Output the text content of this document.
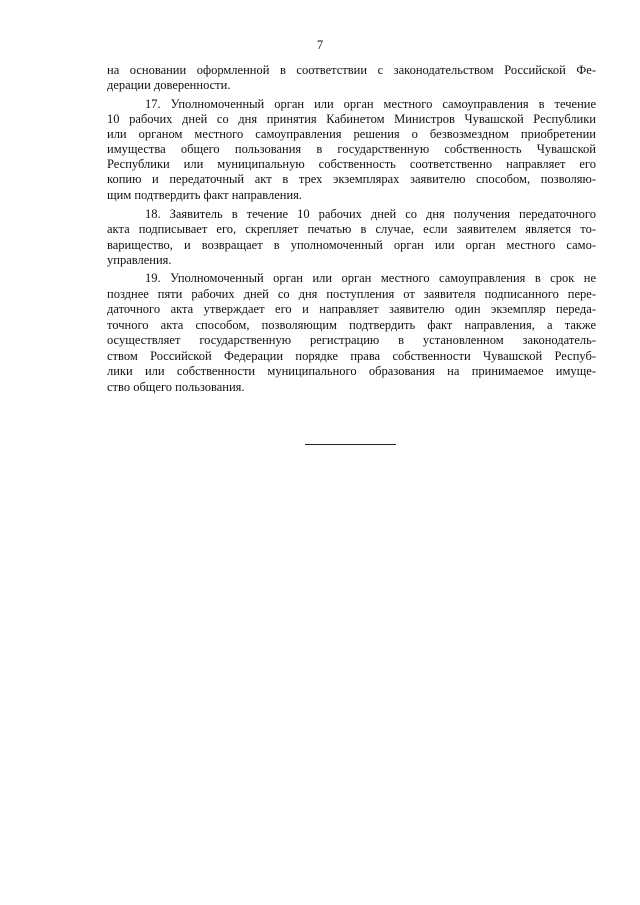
7
на основании оформленной в соответствии с законодательством Российской Фе-
дерации доверенности.
17. Уполномоченный орган или орган местного самоуправления в течение
10 рабочих дней со дня принятия Кабинетом Министров Чувашской Республики
или органом местного самоуправления решения о безвозмездном приобретении
имущества общего пользования в государственную собственность Чувашской
Республики или муниципальную собственность соответственно направляет его
копию и передаточный акт в трех экземплярах заявителю способом, позволяю-
щим подтвердить факт направления.
18. Заявитель в течение 10 рабочих дней со дня получения передаточного
акта подписывает его, скрепляет печатью в случае, если заявителем является то-
варищество, и возвращает в уполномоченный орган или орган местного само-
управления.
19. Уполномоченный орган или орган местного самоуправления в срок не
позднее пяти рабочих дней со дня поступления от заявителя подписанного пере-
даточного акта утверждает его и направляет заявителю один экземпляр переда-
точного акта способом, позволяющим подтвердить факт направления, а также
осуществляет государственную регистрацию в установленном законодатель-
ством Российской Федерации порядке права собственности Чувашской Респуб-
лики или собственности муниципального образования на принимаемое имуще-
ство общего пользования.
